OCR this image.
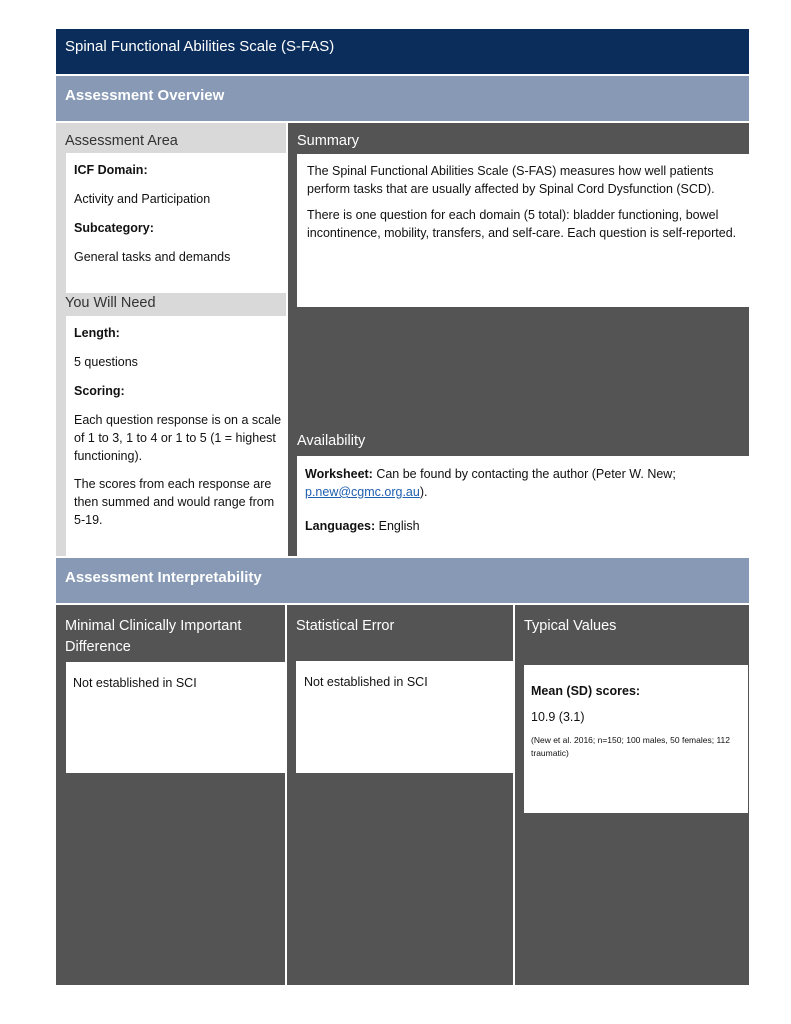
Spinal Functional Abilities Scale (S-FAS)
Assessment Overview
Assessment Area

ICF Domain:

Activity and Participation

Subcategory:

General tasks and demands

You Will Need

Length:

5 questions

Scoring:

Each question response is on a scale of 1 to 3, 1 to 4 or 1 to 5 (1 = highest functioning).

The scores from each response are then summed and would range from 5-19.

Summary

The Spinal Functional Abilities Scale (S-FAS) measures how well patients perform tasks that are usually affected by Spinal Cord Dysfunction (SCD).

There is one question for each domain (5 total): bladder functioning, bowel incontinence, mobility, transfers, and self-care. Each question is self-reported.

Availability

Worksheet: Can be found by contacting the author (Peter W. New;
p.new@cgmc.org.au).

Languages: English

Assessment Interpretability
Minimal Clinically Important Difference

Not established in SCI

Statistical Error

Not established in SCI

Typical Values

Mean (SD) scores:

10.9 (3.1)

(New et al. 2016; n=150; 100 males, 50 females; 112 traumatic)
